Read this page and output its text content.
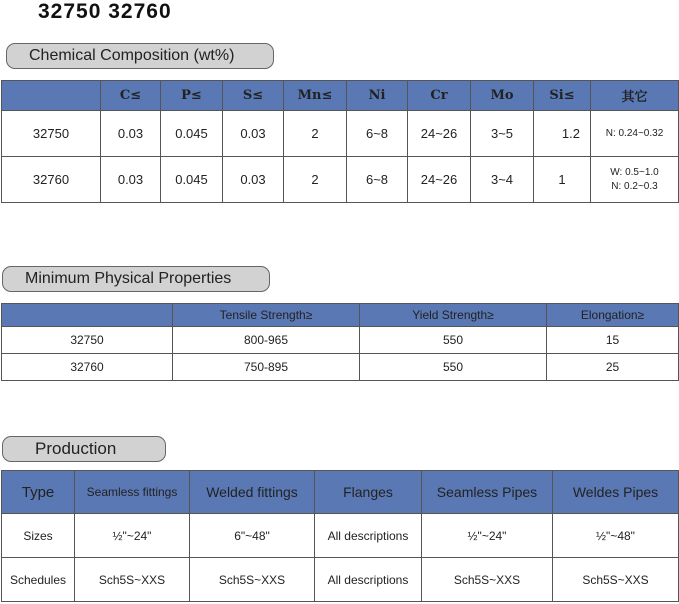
32750 32760
Chemical Composition (wt%)
	C≤	P≤	S≤	Mn≤	Ni	Cr	Mo	Si≤	其它
32750	0.03	0.045	0.03	2	6~8	24~26	3~5	1.2	N: 0.24~0.32
32760	0.03	0.045	0.03	2	6~8	24~26	3~4	1	W: 0.5~1.0
N: 0.2~0.3
Minimum Physical Properties
	Tensile Strength≥	Yield Strength≥	Elongation≥
32750	800-965	550	15
32760	750-895	550	25
Production
Type	Seamless fittings	Welded fittings	Flanges	Seamless Pipes	Weldes Pipes
Sizes	½"~24"	6"~48"	All descriptions	½"~24"	½"~48"
Schedules	Sch5S~XXS	Sch5S~XXS	All descriptions	Sch5S~XXS	Sch5S~XXS
